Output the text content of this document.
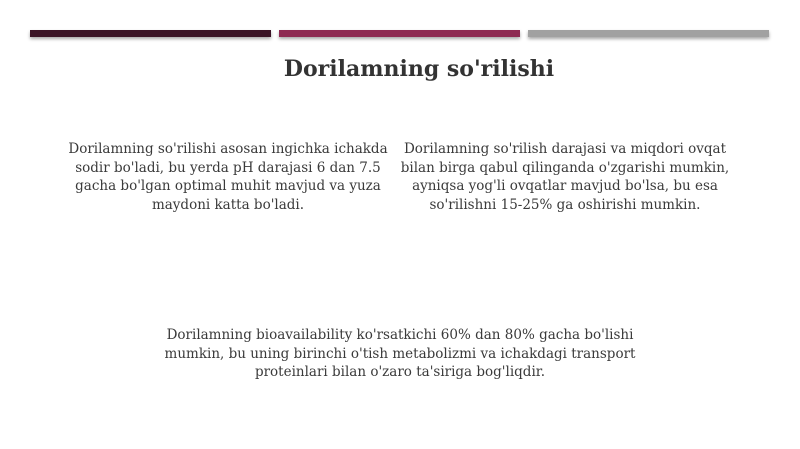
Dorilamning so'rilishi
Dorilamning so'rilishi asosan ingichka ichakda sodir bo'ladi, bu yerda pH darajasi 6 dan 7.5 gacha bo'lgan optimal muhit mavjud va yuza maydoni katta bo'ladi.
Dorilamning so'rilish darajasi va miqdori ovqat bilan birga qabul qilinganda o'zgarishi mumkin, ayniqsa yog'li ovqatlar mavjud bo'lsa, bu esa so'rilishni 15-25% ga oshirishi mumkin.
Dorilamning bioavailability ko'rsatkichi 60% dan 80% gacha bo'lishi mumkin, bu uning birinchi o'tish metabolizmi va ichakdagi transport proteinlari bilan o'zaro ta'siriga bog'liqdir.
